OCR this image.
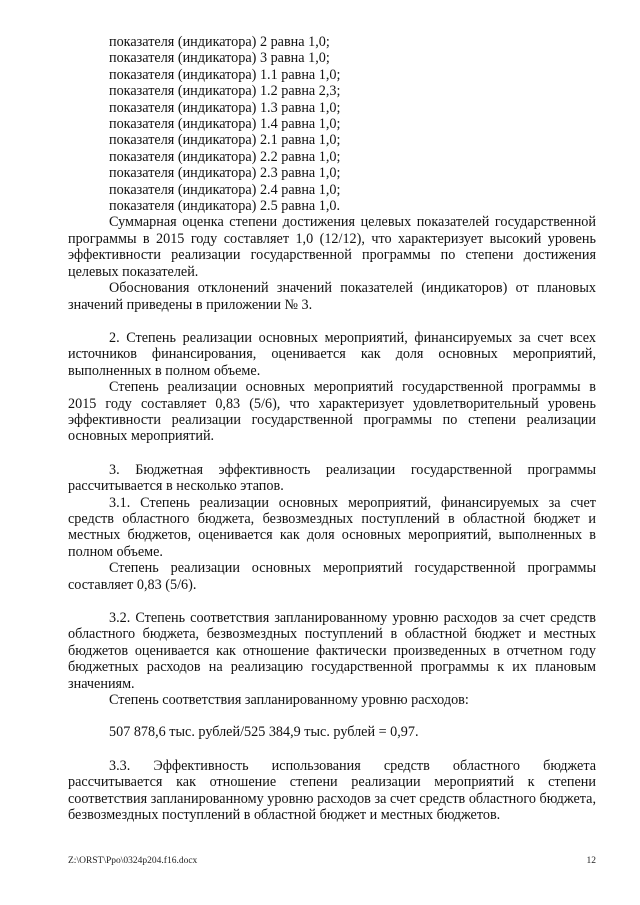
показателя (индикатора) 2 равна 1,0;
показателя (индикатора) 3 равна 1,0;
показателя (индикатора) 1.1 равна 1,0;
показателя (индикатора) 1.2 равна 2,3;
показателя (индикатора) 1.3 равна 1,0;
показателя (индикатора) 1.4 равна 1,0;
показателя (индикатора) 2.1 равна 1,0;
показателя (индикатора) 2.2 равна 1,0;
показателя (индикатора) 2.3 равна 1,0;
показателя (индикатора) 2.4 равна 1,0;
показателя (индикатора) 2.5 равна 1,0.

Суммарная оценка степени достижения целевых показателей государственной программы в 2015 году составляет 1,0 (12/12), что характеризует высокий уровень эффективности реализации государственной программы по степени достижения целевых показателей.

Обоснования отклонений значений показателей (индикаторов) от плановых значений приведены в приложении № 3.

2. Степень реализации основных мероприятий, финансируемых за счет всех источников финансирования, оценивается как доля основных мероприятий, выполненных в полном объеме.

Степень реализации основных мероприятий государственной программы в 2015 году составляет 0,83 (5/6), что характеризует удовлетворительный уровень эффективности реализации государственной программы по степени реализации основных мероприятий.

3. Бюджетная эффективность реализации государственной программы рассчитывается в несколько этапов.

3.1. Степень реализации основных мероприятий, финансируемых за счет средств областного бюджета, безвозмездных поступлений в областной бюджет и местных бюджетов, оценивается как доля основных мероприятий, выполненных в полном объеме.

Степень реализации основных мероприятий государственной программы составляет 0,83 (5/6).

3.2. Степень соответствия запланированному уровню расходов за счет средств областного бюджета, безвозмездных поступлений в областной бюджет и местных бюджетов оценивается как отношение фактически произведенных в отчетном году бюджетных расходов на реализацию государственной программы к их плановым значениям.

Степень соответствия запланированному уровню расходов:

507 878,6 тыс. рублей/525 384,9 тыс. рублей = 0,97.

3.3. Эффективность использования средств областного бюджета рассчитывается как отношение степени реализации мероприятий к степени соответствия запланированному уровню расходов за счет средств областного бюджета, безвозмездных поступлений в областной бюджет и местных бюджетов.

Z:\ORST\Ppo\0324p204.f16.docx	12
